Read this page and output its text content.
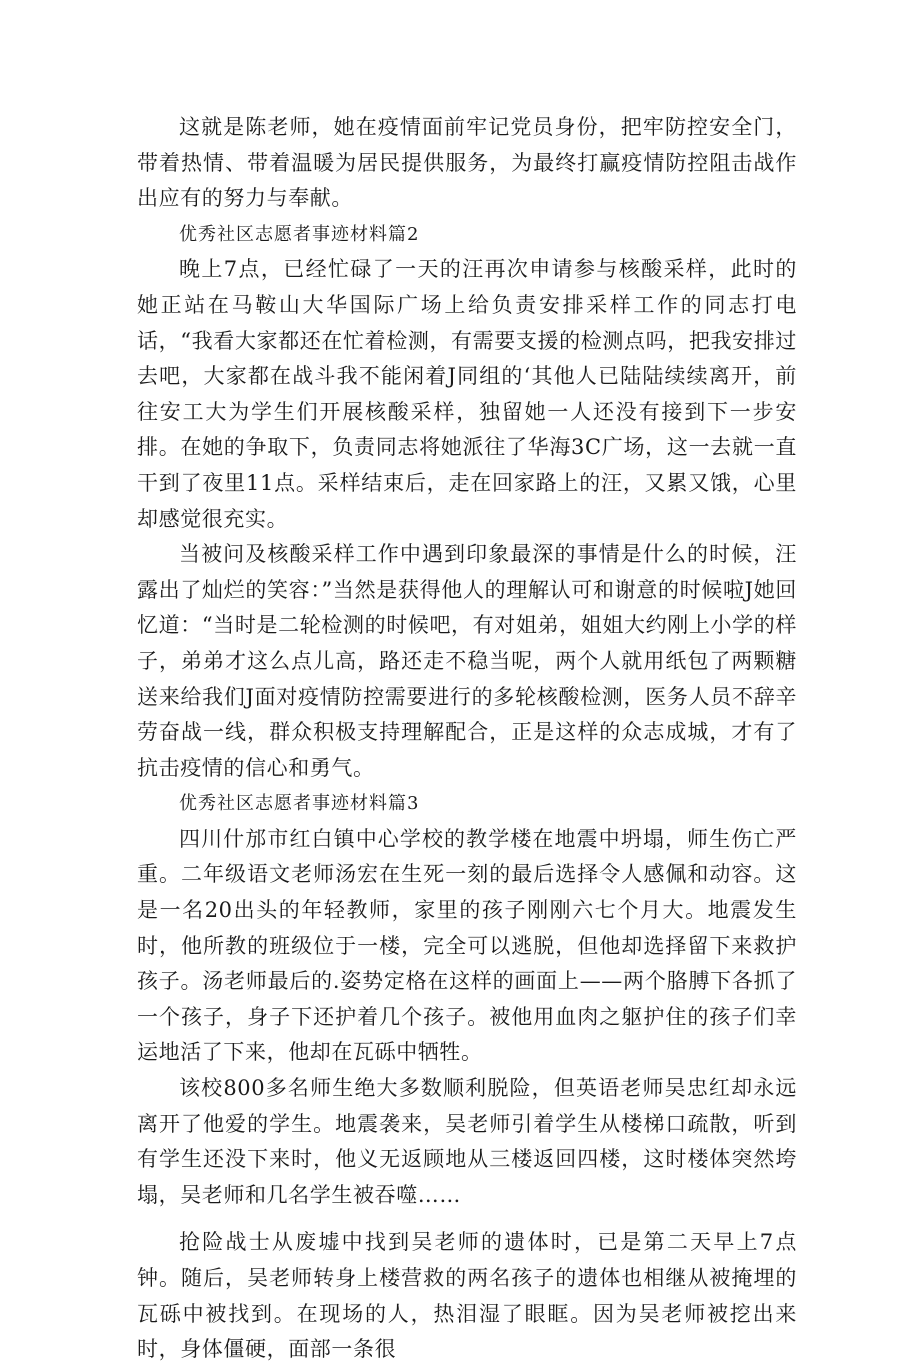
这就是陈老师，她在疫情面前牢记党员身份，把牢防控安全门，带着热情、带着温暖为居民提供服务，为最终打赢疫情防控阻击战作出应有的努力与奉献。

优秀社区志愿者事迹材料篇2

晚上7点，已经忙碌了一天的汪再次申请参与核酸采样，此时的她正站在马鞍山大华国际广场上给负责安排采样工作的同志打电话，“我看大家都还在忙着检测，有需要支援的检测点吗，把我安排过去吧，大家都在战斗我不能闲着J同组的‘其他人已陆陆续续离开，前往安工大为学生们开展核酸采样，独留她一人还没有接到下一步安排。在她的争取下，负责同志将她派往了华海3C广场，这一去就一直干到了夜里11点。采样结束后，走在回家路上的汪，又累又饿，心里却感觉很充实。

当被问及核酸采样工作中遇到印象最深的事情是什么的时候，汪露出了灿烂的笑容：”当然是获得他人的理解认可和谢意的时候啦J她回忆道：“当时是二轮检测的时候吧，有对姐弟，姐姐大约刚上小学的样子，弟弟才这么点儿高，路还走不稳当呢，两个人就用纸包了两颗糖送来给我们J面对疫情防控需要进行的多轮核酸检测，医务人员不辞辛劳奋战一线，群众积极支持理解配合，正是这样的众志成城，才有了抗击疫情的信心和勇气。

优秀社区志愿者事迹材料篇3

四川什邡市红白镇中心学校的教学楼在地震中坍塌，师生伤亡严重。二年级语文老师汤宏在生死一刻的最后选择令人感佩和动容。这是一名20出头的年轻教师，家里的孩子刚刚六七个月大。地震发生时，他所教的班级位于一楼，完全可以逃脱，但他却选择留下来救护孩子。汤老师最后的.姿势定格在这样的画面上——两个胳膊下各抓了一个孩子，身子下还护着几个孩子。被他用血肉之躯护住的孩子们幸运地活了下来，他却在瓦砾中牺牲。

该校800多名师生绝大多数顺利脱险，但英语老师吴忠红却永远离开了他爱的学生。地震袭来，吴老师引着学生从楼梯口疏散，听到有学生还没下来时，他义无返顾地从三楼返回四楼，这时楼体突然垮塌，吴老师和几名学生被吞噬……

抢险战士从废墟中找到吴老师的遗体时，已是第二天早上7点钟。随后，吴老师转身上楼营救的两名孩子的遗体也相继从被掩埋的瓦砾中被找到。在现场的人，热泪湿了眼眶。因为吴老师被挖出来时，身体僵硬，面部一条很
